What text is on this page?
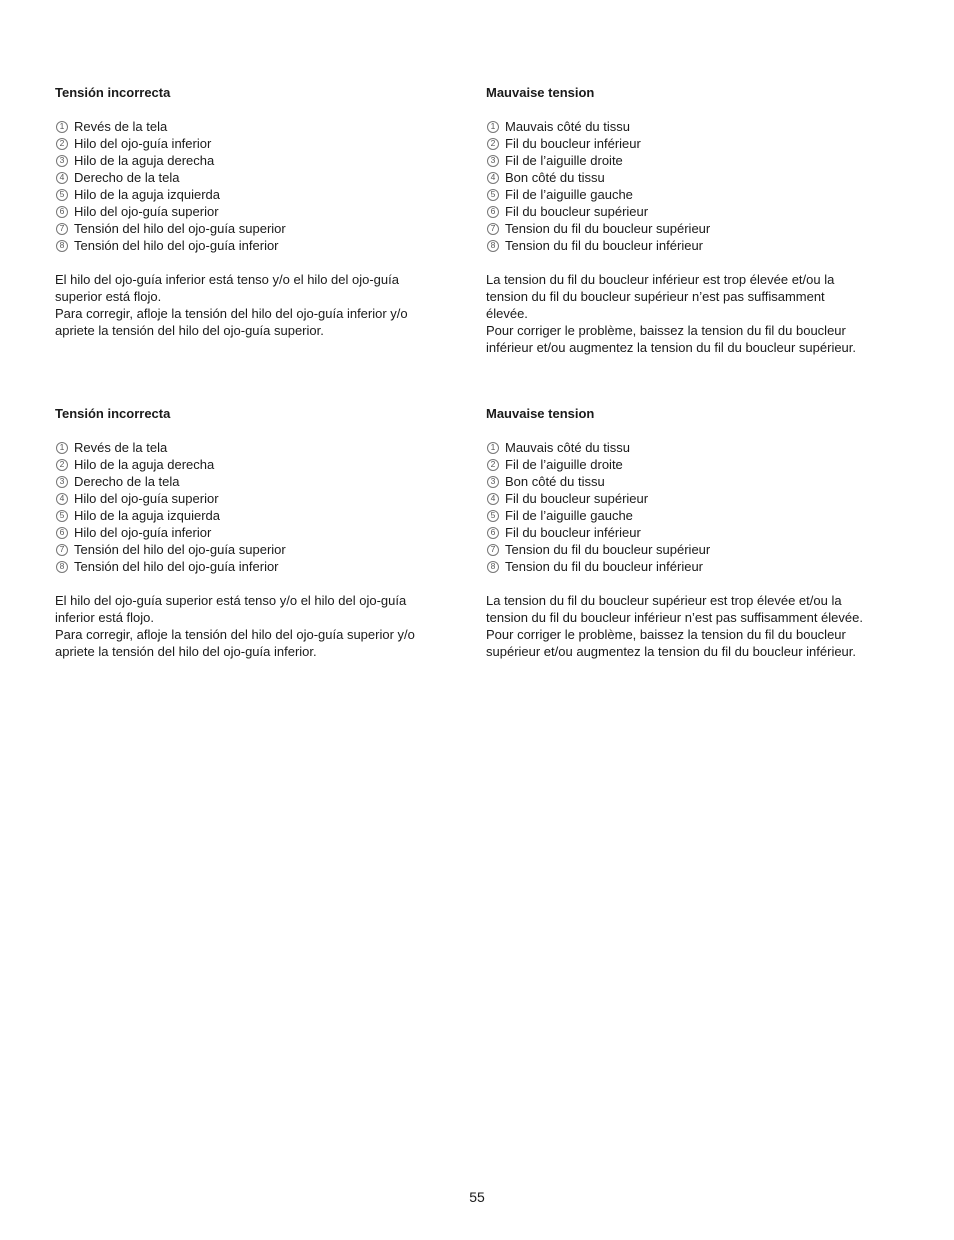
Tensión incorrecta
1 Revés de la tela
2 Hilo del ojo-guía inferior
3 Hilo de la aguja derecha
4 Derecho de la tela
5 Hilo de la aguja izquierda
6 Hilo del ojo-guía superior
7 Tensión del hilo del ojo-guía superior
8 Tensión del hilo del ojo-guía inferior

El hilo del ojo-guía inferior está tenso y/o el hilo del ojo-guía
superior está flojo.

Para corregir, afloje la tensión del hilo del ojo-guía inferior y/o
apriete la tensión del hilo del ojo-guía superior.

Mauvaise tension
1 Mauvais côté du tissu
2 Fil du boucleur inférieur
3 Fil de l’aiguille droite
4 Bon côté du tissu
5 Fil de l’aiguille gauche
6 Fil du boucleur supérieur
7 Tension du fil du boucleur supérieur
8 Tension du fil du boucleur inférieur

La tension du fil du boucleur inférieur est trop élevée et/ou la
tension du fil du boucleur supérieur n’est pas suffisamment
élevée.

Pour corriger le problème, baissez la tension du fil du boucleur
inférieur et/ou augmentez la tension du fil du boucleur supérieur.

Tensión incorrecta
1 Revés de la tela
2 Hilo de la aguja derecha
3 Derecho de la tela
4 Hilo del ojo-guía superior
5 Hilo de la aguja izquierda
6 Hilo del ojo-guía inferior
7 Tensión del hilo del ojo-guía superior
8 Tensión del hilo del ojo-guía inferior

El hilo del ojo-guía superior está tenso y/o el hilo del ojo-guía
inferior está flojo.

Para corregir, afloje la tensión del hilo del ojo-guía superior y/o
apriete la tensión del hilo del ojo-guía inferior.

Mauvaise tension
1 Mauvais côté du tissu
2 Fil de l’aiguille droite
3 Bon côté du tissu
4 Fil du boucleur supérieur
5 Fil de l’aiguille gauche
6 Fil du boucleur inférieur
7 Tension du fil du boucleur supérieur
8 Tension du fil du boucleur inférieur

La tension du fil du boucleur supérieur est trop élevée et/ou la
tension du fil du boucleur inférieur n’est pas suffisamment élevée.

Pour corriger le problème, baissez la tension du fil du boucleur
supérieur et/ou augmentez la tension du fil du boucleur inférieur.

55
